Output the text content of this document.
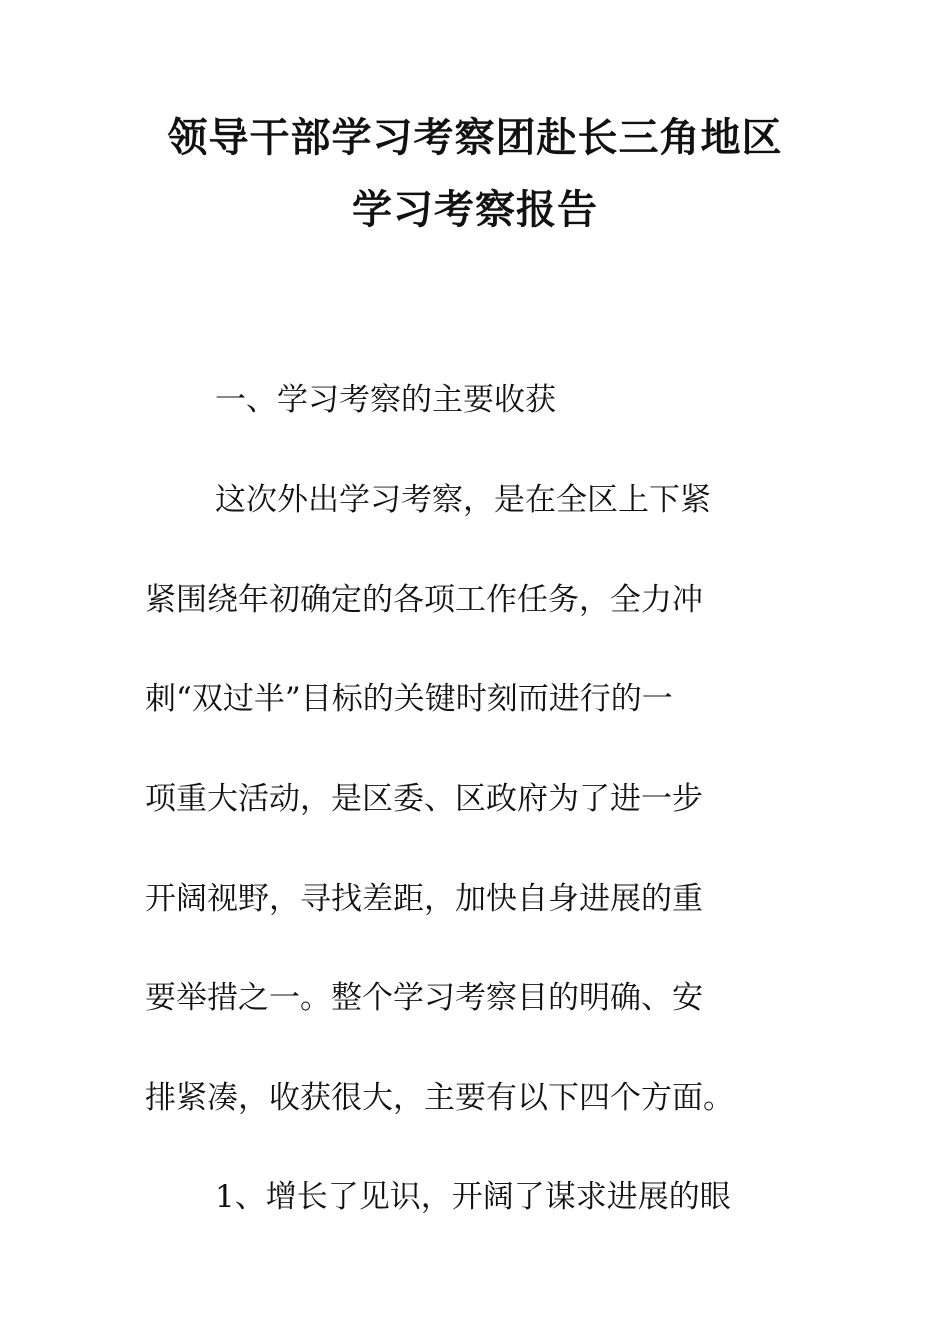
领导干部学习考察团赴长三角地区
学习考察报告
一、学习考察的主要收获
这次外出学习考察，是在全区上下紧
紧围绕年初确定的各项工作任务，全力冲
刺“双过半”目标的关键时刻而进行的一
项重大活动，是区委、区政府为了进一步
开阔视野，寻找差距，加快自身进展的重
要举措之一。整个学习考察目的明确、安
排紧凑，收获很大，主要有以下四个方面。
1、增长了见识，开阔了谋求进展的眼
